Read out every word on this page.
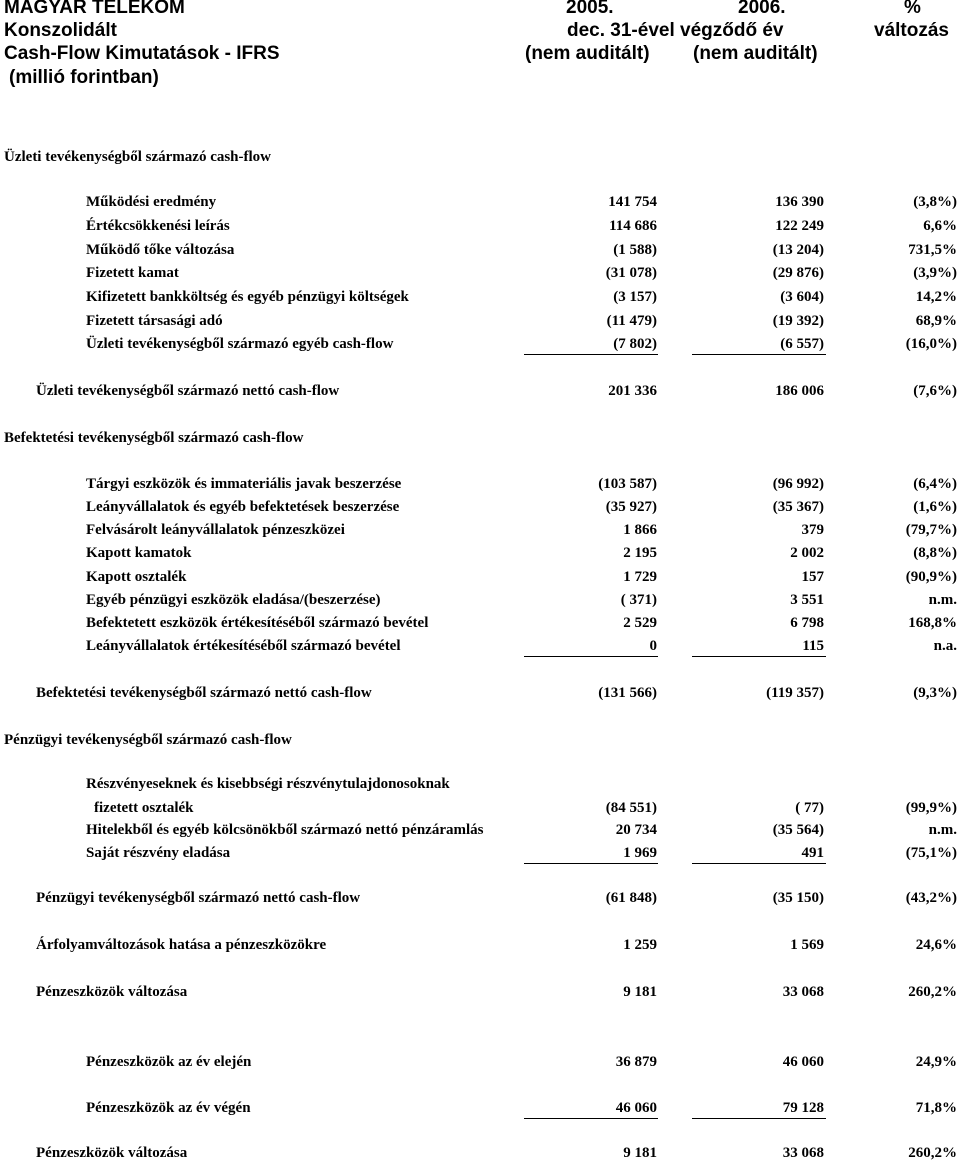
MAGYAR TELEKOM
Konszolidált
Cash-Flow Kimutatások - IFRS
(millió forintban)
2005.	2006.
dec. 31-ével végződő év
(nem auditált) (nem auditált)
%
változás
Üzleti tevékenységből származó cash-flow
Működési eredmény	141 754	136 390	(3,8%)
Értékcsökkenési leírás	114 686	122 249	6,6%
Működő tőke változása	(1 588)	(13 204)	731,5%
Fizetett kamat	(31 078)	(29 876)	(3,9%)
Kifizetett bankköltség és egyéb pénzügyi költségek	(3 157)	(3 604)	14,2%
Fizetett társasági adó	(11 479)	(19 392)	68,9%
Üzleti tevékenységből származó egyéb cash-flow	(7 802)	(6 557)	(16,0%)
Üzleti tevékenységből származó nettó cash-flow	201 336	186 006	(7,6%)
Befektetési tevékenységből származó cash-flow
Tárgyi eszközök és immateriális javak beszerzése	(103 587)	(96 992)	(6,4%)
Leányvállalatok és egyéb befektetések beszerzése	(35 927)	(35 367)	(1,6%)
Felvásárolt leányvállalatok pénzeszközei	1 866	379	(79,7%)
Kapott kamatok	2 195	2 002	(8,8%)
Kapott osztalék	1 729	157	(90,9%)
Egyéb pénzügyi eszközök eladása/(beszerzése)	( 371)	3 551	n.m.
Befektetett eszközök értékesítéséből származó bevétel	2 529	6 798	168,8%
Leányvállalatok értékesítéséből származó bevétel	0	115	n.a.
Befektetési tevékenységből származó nettó cash-flow	(131 566)	(119 357)	(9,3%)
Pénzügyi tevékenységből származó cash-flow
Részvényeseknek és kisebbségi részvénytulajdonosoknak
fizetett osztalék	(84 551)	( 77)	(99,9%)
Hitelekből és egyéb kölcsönökből származó nettó pénzáramlás	20 734	(35 564)	n.m.
Saját részvény eladása	1 969	491	(75,1%)
Pénzügyi tevékenységből származó nettó cash-flow	(61 848)	(35 150)	(43,2%)
Árfolyamváltozások hatása a pénzeszközökre	1 259	1 569	24,6%
Pénzeszközök változása	9 181	33 068	260,2%
Pénzeszközök az év elején	36 879	46 060	24,9%
Pénzeszközök az év végén	46 060	79 128	71,8%
Pénzeszközök változása	9 181	33 068	260,2%
